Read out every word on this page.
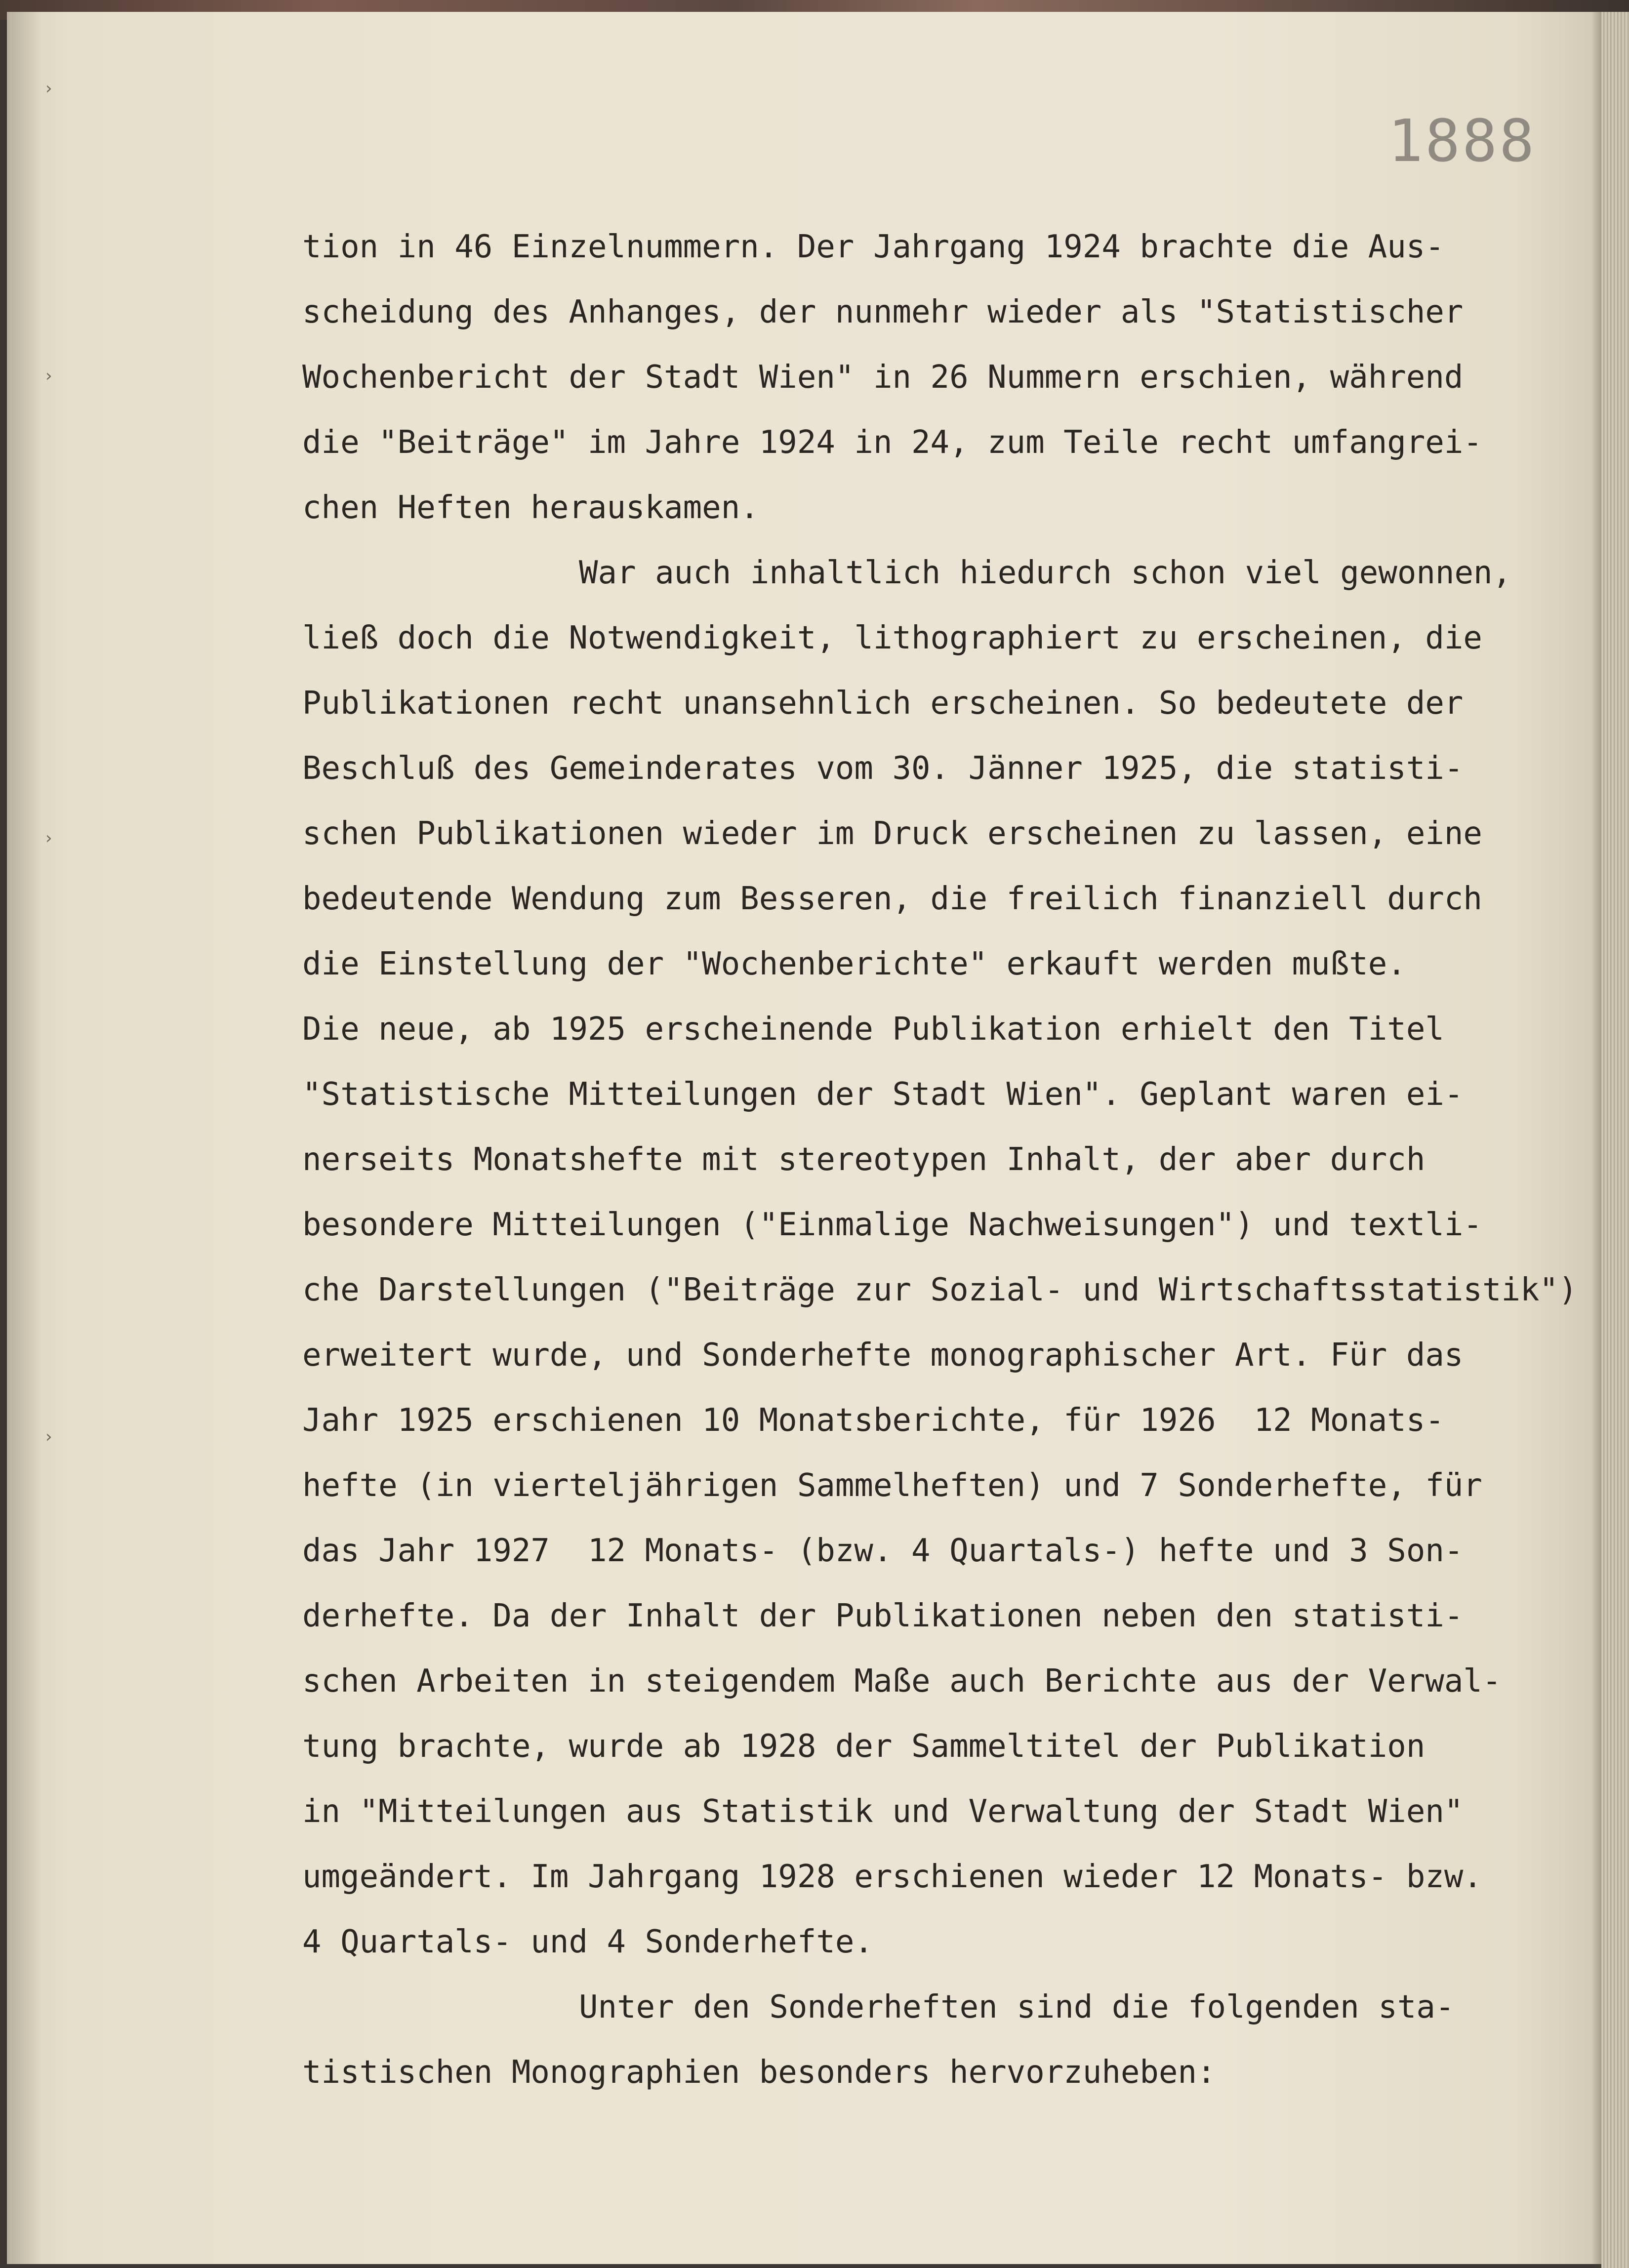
›
›
›
›

1888

tion in 46 Einzelnummern. Der Jahrgang 1924 brachte die Aus-

scheidung des Anhanges, der nunmehr wieder als "Statistischer

Wochenbericht der Stadt Wien" in 26 Nummern erschien, während

die "Beiträge" im Jahre 1924 in 24, zum Teile recht umfangrei-

chen Heften herauskamen.

War auch inhaltlich hiedurch schon viel gewonnen,

ließ doch die Notwendigkeit, lithographiert zu erscheinen, die

Publikationen recht unansehnlich erscheinen. So bedeutete der

Beschluß des Gemeinderates vom 30. Jänner 1925, die statisti-

schen Publikationen wieder im Druck erscheinen zu lassen, eine

bedeutende Wendung zum Besseren, die freilich finanziell durch

die Einstellung der "Wochenberichte" erkauft werden mußte.

Die neue, ab 1925 erscheinende Publikation erhielt den Titel

"Statistische Mitteilungen der Stadt Wien". Geplant waren ei-

nerseits Monatshefte mit stereotypen Inhalt, der aber durch

besondere Mitteilungen ("Einmalige Nachweisungen") und textli-

che Darstellungen ("Beiträge zur Sozial- und Wirtschaftsstatistik")

erweitert wurde, und Sonderhefte monographischer Art. Für das

Jahr 1925 erschienen 10 Monatsberichte, für 1926  12 Monats-

hefte (in vierteljährigen Sammelheften) und 7 Sonderhefte, für

das Jahr 1927  12 Monats- (bzw. 4 Quartals-) hefte und 3 Son-

derhefte. Da der Inhalt der Publikationen neben den statisti-

schen Arbeiten in steigendem Maße auch Berichte aus der Verwal-

tung brachte, wurde ab 1928 der Sammeltitel der Publikation

in "Mitteilungen aus Statistik und Verwaltung der Stadt Wien"

umgeändert. Im Jahrgang 1928 erschienen wieder 12 Monats- bzw.

4 Quartals- und 4 Sonderhefte.

Unter den Sonderheften sind die folgenden sta-

tistischen Monographien besonders hervorzuheben:
